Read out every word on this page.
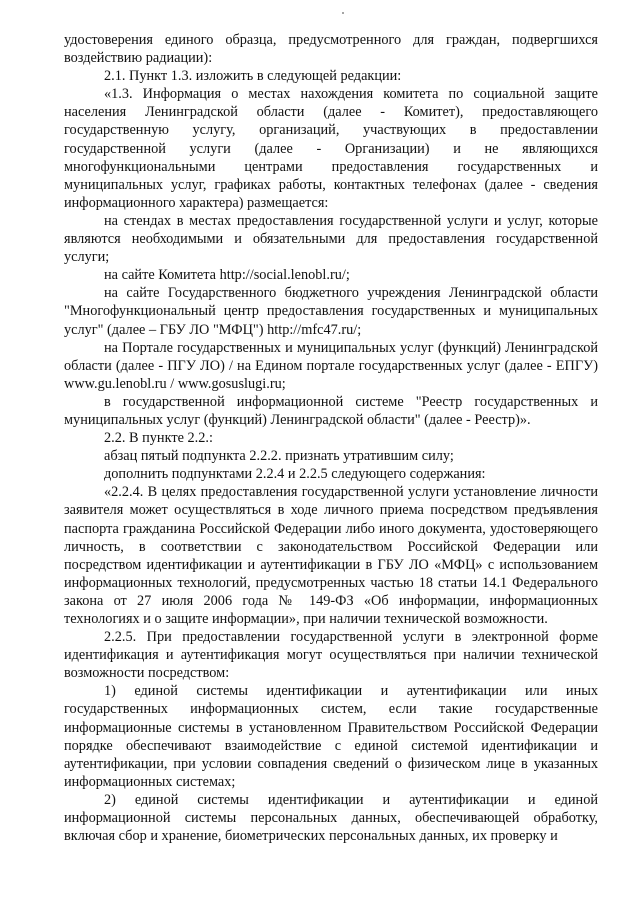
удостоверения единого образца, предусмотренного для граждан, подвергшихся воздействию радиации):

2.1. Пункт 1.3. изложить в следующей редакции:

«1.3. Информация о местах нахождения комитета по социальной защите населения Ленинградской области (далее - Комитет), предоставляющего государственную услугу, организаций, участвующих в предоставлении государственной услуги (далее - Организации) и не являющихся многофункциональными центрами предоставления государственных и муниципальных услуг, графиках работы, контактных телефонах (далее - сведения информационного характера) размещается:

на стендах в местах предоставления государственной услуги и услуг, которые являются необходимыми и обязательными для предоставления государственной услуги;

на сайте Комитета http://social.lenobl.ru/;

на сайте Государственного бюджетного учреждения Ленинградской области "Многофункциональный центр предоставления государственных и муниципальных услуг" (далее – ГБУ ЛО "МФЦ") http://mfc47.ru/;

на Портале государственных и муниципальных услуг (функций) Ленинградской области (далее - ПГУ ЛО) / на Едином портале государственных услуг (далее - ЕПГУ) www.gu.lenobl.ru / www.gosuslugi.ru;

в государственной информационной системе "Реестр государственных и муниципальных услуг (функций) Ленинградской области" (далее - Реестр)».

2.2. В пункте 2.2.:

абзац пятый подпункта 2.2.2. признать утратившим силу;

дополнить подпунктами 2.2.4 и 2.2.5 следующего содержания:

«2.2.4. В целях предоставления государственной услуги установление личности заявителя может осуществляться в ходе личного приема посредством предъявления паспорта гражданина Российской Федерации либо иного документа, удостоверяющего личность, в соответствии с законодательством Российской Федерации или посредством идентификации и аутентификации в ГБУ ЛО «МФЦ» с использованием информационных технологий, предусмотренных частью 18 статьи 14.1 Федерального закона от 27 июля 2006 года № 149-ФЗ «Об информации, информационных технологиях и о защите информации», при наличии технической возможности.

2.2.5. При предоставлении государственной услуги в электронной форме идентификация и аутентификация могут осуществляться при наличии технической возможности посредством:

1) единой системы идентификации и аутентификации или иных государственных информационных систем, если такие государственные информационные системы в установленном Правительством Российской Федерации порядке обеспечивают взаимодействие с единой системой идентификации и аутентификации, при условии совпадения сведений о физическом лице в указанных информационных системах;

2) единой системы идентификации и аутентификации и единой информационной системы персональных данных, обеспечивающей обработку, включая сбор и хранение, биометрических персональных данных, их проверку и
